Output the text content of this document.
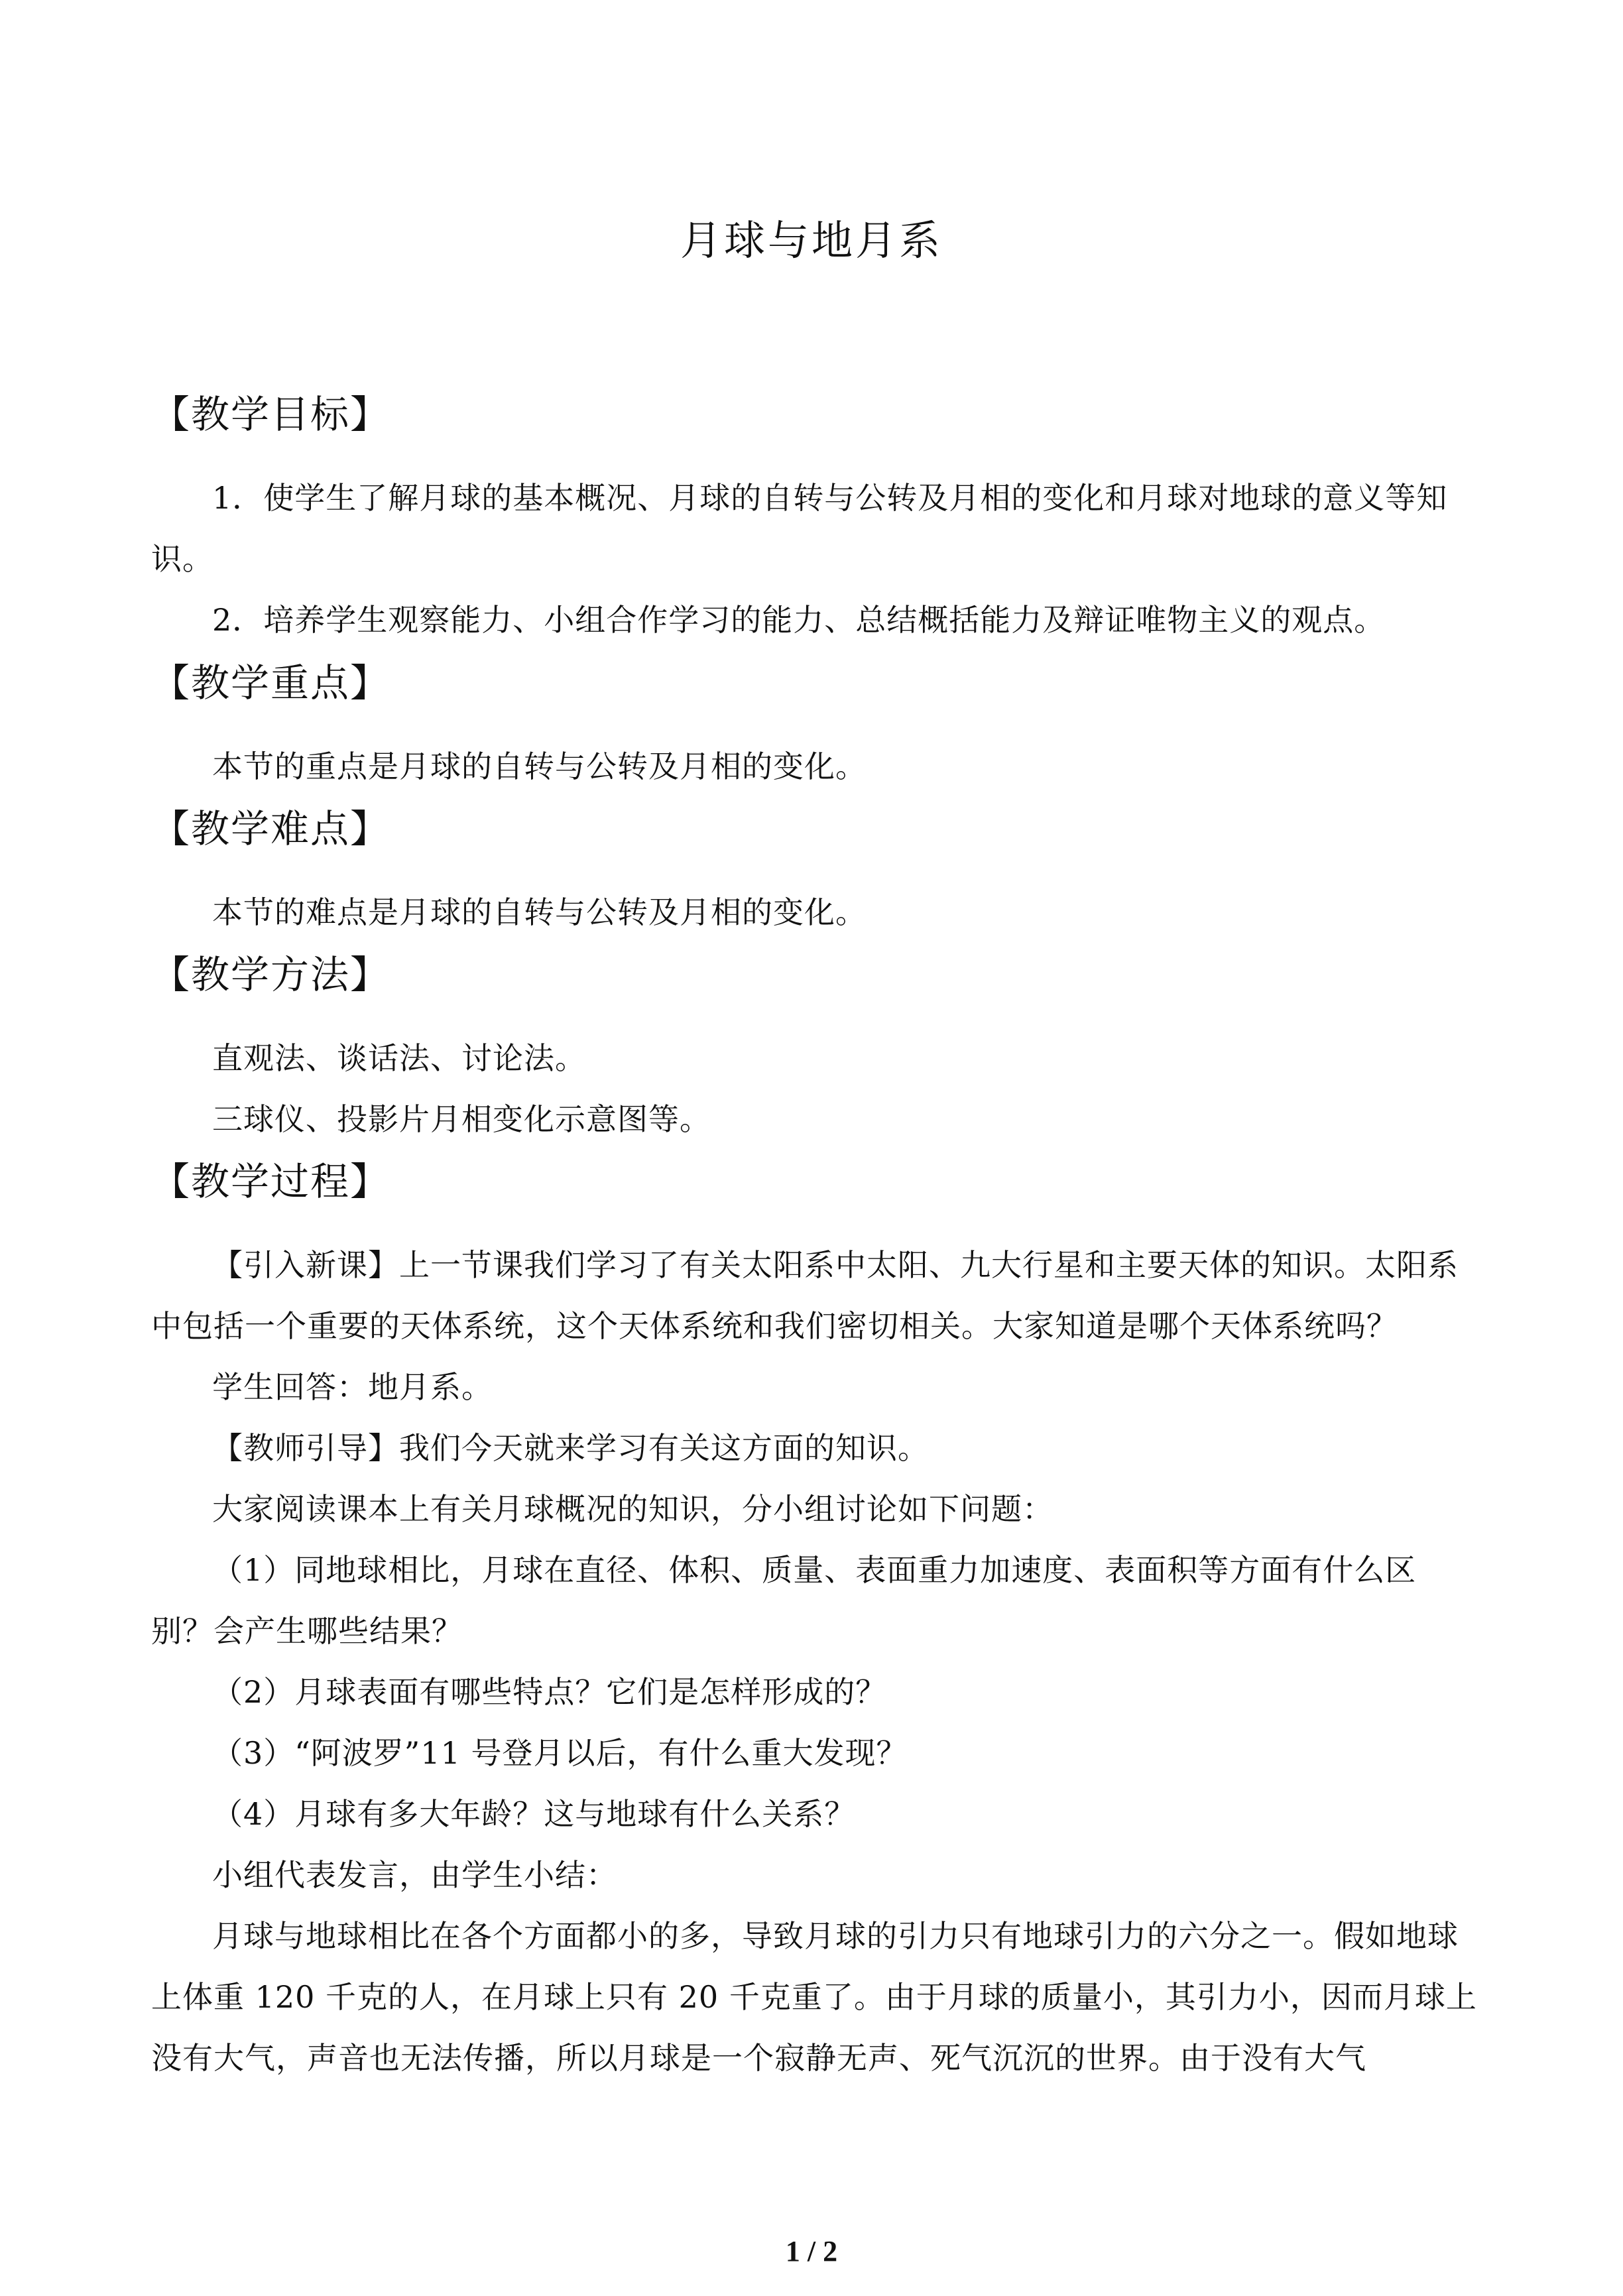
月球与地月系
【教学目标】

1．使学生了解月球的基本概况、月球的自转与公转及月相的变化和月球对地球的意义等知识。

2．培养学生观察能力、小组合作学习的能力、总结概括能力及辩证唯物主义的观点。

【教学重点】

本节的重点是月球的自转与公转及月相的变化。

【教学难点】

本节的难点是月球的自转与公转及月相的变化。

【教学方法】

直观法、谈话法、讨论法。

三球仪、投影片月相变化示意图等。

【教学过程】

【引入新课】上一节课我们学习了有关太阳系中太阳、九大行星和主要天体的知识。太阳系中包括一个重要的天体系统，这个天体系统和我们密切相关。大家知道是哪个天体系统吗？

学生回答：地月系。

【教师引导】我们今天就来学习有关这方面的知识。

大家阅读课本上有关月球概况的知识，分小组讨论如下问题：

（1）同地球相比，月球在直径、体积、质量、表面重力加速度、表面积等方面有什么区别？会产生哪些结果？

（2）月球表面有哪些特点？它们是怎样形成的？

（3）“阿波罗”11 号登月以后，有什么重大发现？

（4）月球有多大年龄？这与地球有什么关系？

小组代表发言，由学生小结：

月球与地球相比在各个方面都小的多，导致月球的引力只有地球引力的六分之一。假如地球上体重 120 千克的人，在月球上只有 20 千克重了。由于月球的质量小，其引力小，因而月球上没有大气，声音也无法传播，所以月球是一个寂静无声、死气沉沉的世界。由于没有大气

1 / 2
